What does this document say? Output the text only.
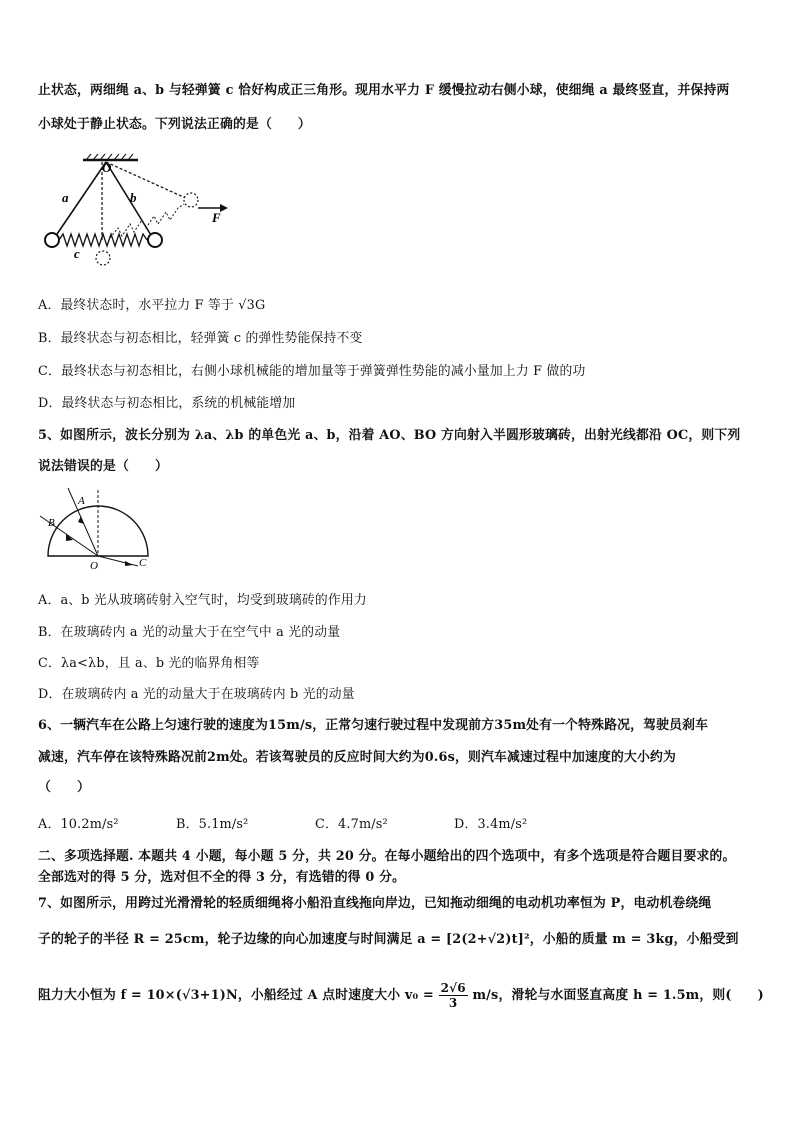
止状态，两细绳 a、b 与轻弹簧 c 恰好构成正三角形。现用水平力 F 缓慢拉动右侧小球，使细绳 a 最终竖直，并保持两
小球处于静止状态。下列说法正确的是（　　）
O
a	b
c
F
A．最终状态时，水平拉力 F 等于 √3G
B．最终状态与初态相比，轻弹簧 c 的弹性势能保持不变
C．最终状态与初态相比，右侧小球机械能的增加量等于弹簧弹性势能的减小量加上力 F 做的功
D．最终状态与初态相比，系统的机械能增加
5、如图所示，波长分别为 λa、λb 的单色光 a、b，沿着 AO、BO 方向射入半圆形玻璃砖，出射光线都沿 OC，则下列
说法错误的是（　　）
A
B
O	C
A．a、b 光从玻璃砖射入空气时，均受到玻璃砖的作用力
B．在玻璃砖内 a 光的动量大于在空气中 a 光的动量
C．λa<λb，且 a、b 光的临界角相等
D．在玻璃砖内 a 光的动量大于在玻璃砖内 b 光的动量
6、一辆汽车在公路上匀速行驶的速度为15m/s，正常匀速行驶过程中发现前方35m处有一个特殊路况，驾驶员刹车
减速，汽车停在该特殊路况前2m处。若该驾驶员的反应时间大约为0.6s，则汽车减速过程中加速度的大小约为
（　　）
A．10.2m/s²	B．5.1m/s²	C．4.7m/s²	D．3.4m/s²
二、多项选择题. 本题共 4 小题，每小题 5 分，共 20 分。在每小题给出的四个选项中，有多个选项是符合题目要求的。
全部选对的得 5 分，选对但不全的得 3 分，有选错的得 0 分。
7、如图所示，用跨过光滑滑轮的轻质细绳将小船沿直线拖向岸边，已知拖动细绳的电动机功率恒为 P，电动机卷绕绳
子的轮子的半径 R = 25cm，轮子边缘的向心加速度与时间满足 a = [2(2+√2)t]²，小船的质量 m = 3kg，小船受到
阻力大小恒为 f = 10×(√3+1)N，小船经过 A 点时速度大小 $v_0 = \frac{2√6}{3} m/s$，滑轮与水面竖直高度 h = 1.5m，则(　　)
